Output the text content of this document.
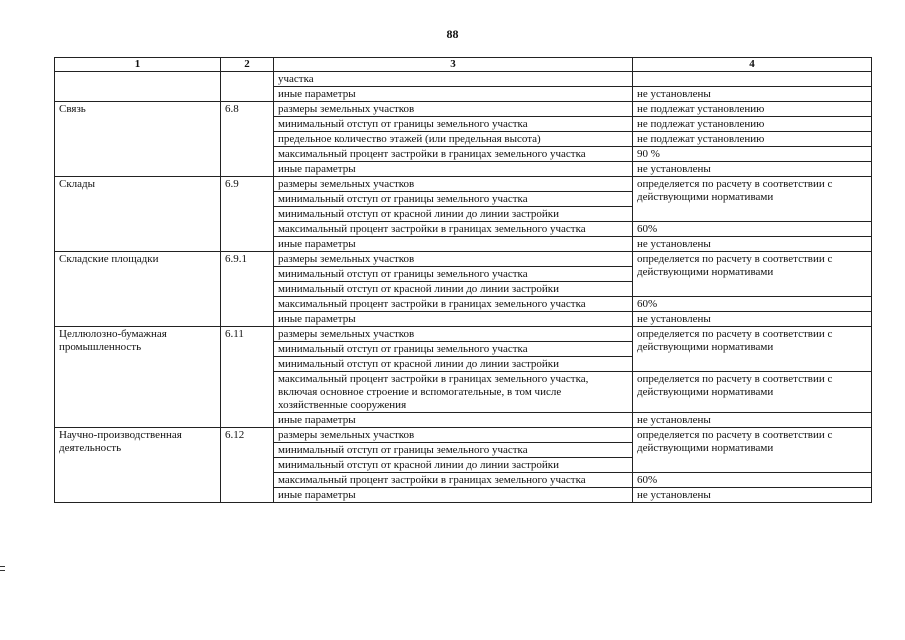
88
1	2	3	4
		участка	
		иные параметры	не установлены
Связь	6.8	размеры земельных участков	не подлежат установлению
		минимальный отступ от границы земельного участка	не подлежат установлению
		предельное количество этажей (или предельная высота)	не подлежат установлению
		максимальный процент застройки в границах земельного участка	90 %
		иные параметры	не установлены
Склады	6.9	размеры земельных участков	определяется по расчету в соответствии с действующими нормативами
		минимальный отступ от границы земельного участка	
		минимальный отступ от красной линии до линии застройки	
		максимальный процент застройки в границах земельного участка	60%
		иные параметры	не установлены
Складские площадки	6.9.1	размеры земельных участков	определяется по расчету в соответствии с действующими нормативами
		минимальный отступ от границы земельного участка	
		минимальный отступ от красной линии до линии застройки	
		максимальный процент застройки в границах земельного участка	60%
		иные параметры	не установлены
Целлюлозно-бумажная промышленность	6.11	размеры земельных участков	определяется по расчету в соответствии с действующими нормативами
		минимальный отступ от границы земельного участка	
		минимальный отступ от красной линии до линии застройки	
		максимальный процент застройки в границах земельного участка, включая основное строение и вспомогательные, в том числе хозяйственные сооружения	определяется по расчету в соответствии с действующими нормативами
		иные параметры	не установлены
Научно-производственная деятельность	6.12	размеры земельных участков	определяется по расчету в соответствии с действующими нормативами
		минимальный отступ от границы земельного участка	
		минимальный отступ от красной линии до линии застройки	
		максимальный процент застройки в границах земельного участка	60%
		иные параметры	не установлены
